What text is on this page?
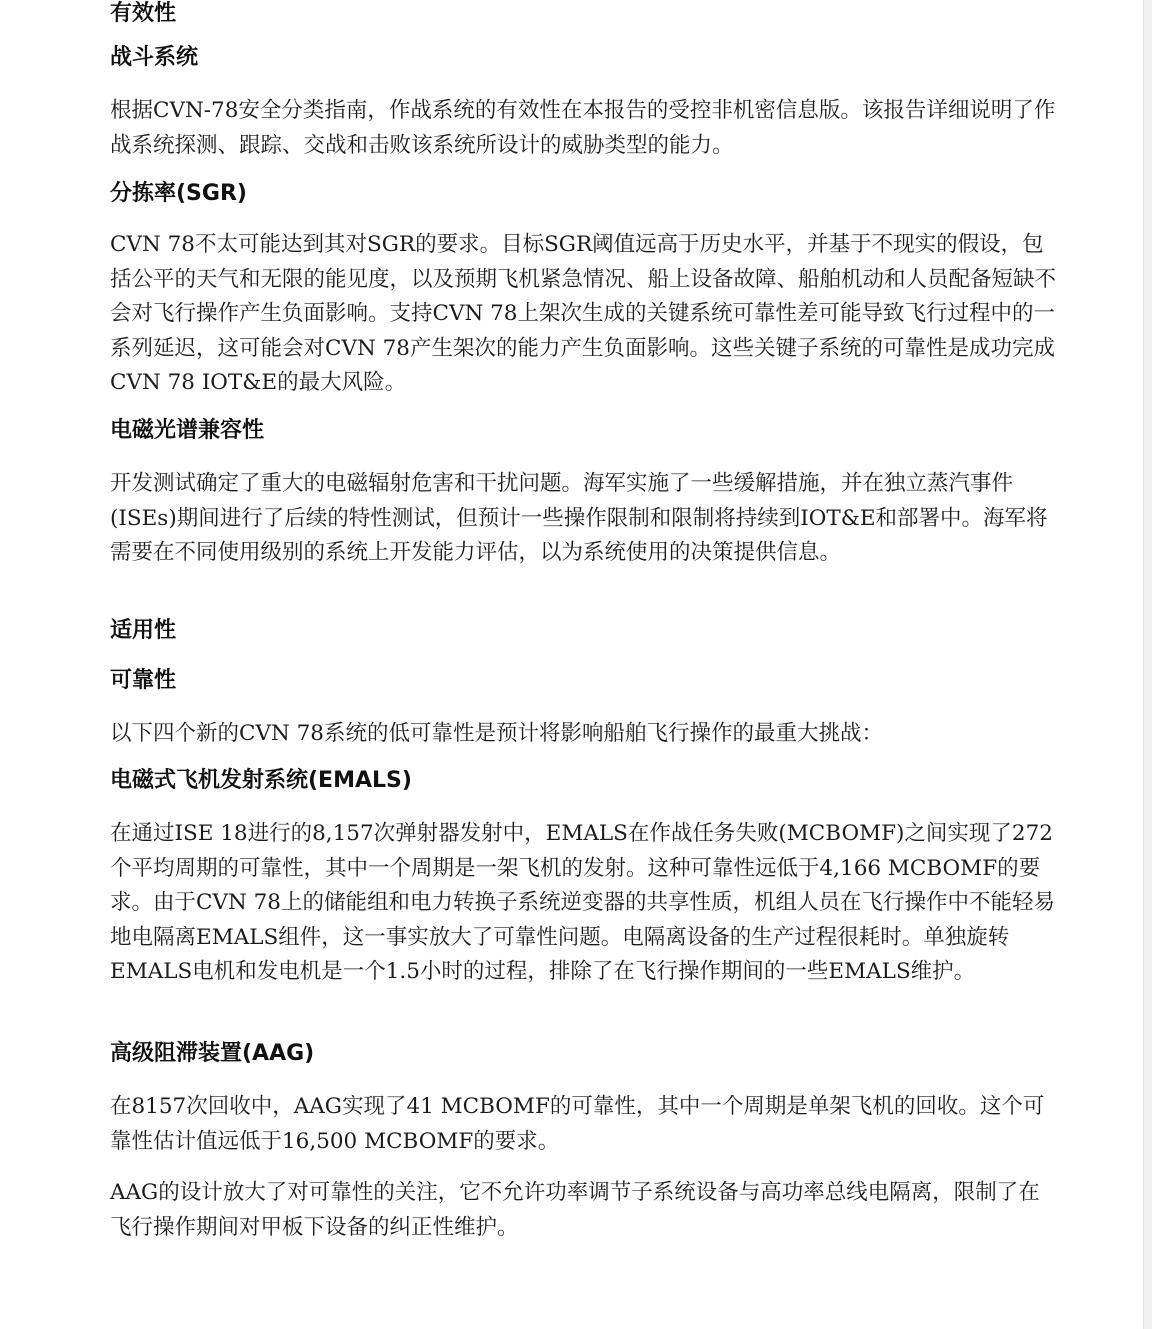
有效性
战斗系统
根据CVN-78安全分类指南，作战系统的有效性在本报告的受控非机密信息版。该报告详细说明了作战系统探测、跟踪、交战和击败该系统所设计的威胁类型的能力。
分拣率(SGR)
CVN 78不太可能达到其对SGR的要求。目标SGR阈值远高于历史水平，并基于不现实的假设，包括公平的天气和无限的能见度，以及预期飞机紧急情况、船上设备故障、船舶机动和人员配备短缺不会对飞行操作产生负面影响。支持CVN 78上架次生成的关键系统可靠性差可能导致飞行过程中的一系列延迟，这可能会对CVN 78产生架次的能力产生负面影响。这些关键子系统的可靠性是成功完成CVN 78 IOT&E的最大风险。
电磁光谱兼容性
开发测试确定了重大的电磁辐射危害和干扰问题。海军实施了一些缓解措施，并在独立蒸汽事件(ISEs)期间进行了后续的特性测试，但预计一些操作限制和限制将持续到IOT&E和部署中。海军将需要在不同使用级别的系统上开发能力评估，以为系统使用的决策提供信息。
适用性
可靠性
以下四个新的CVN 78系统的低可靠性是预计将影响船舶飞行操作的最重大挑战：
电磁式飞机发射系统(EMALS)
在通过ISE 18进行的8,157次弹射器发射中，EMALS在作战任务失败(MCBOMF)之间实现了272个平均周期的可靠性，其中一个周期是一架飞机的发射。这种可靠性远低于4,166 MCBOMF的要求。由于CVN 78上的储能组和电力转换子系统逆变器的共享性质，机组人员在飞行操作中不能轻易地电隔离EMALS组件，这一事实放大了可靠性问题。电隔离设备的生产过程很耗时。单独旋转EMALS电机和发电机是一个1.5小时的过程，排除了在飞行操作期间的一些EMALS维护。
高级阻滞装置(AAG)
在8157次回收中，AAG实现了41 MCBOMF的可靠性，其中一个周期是单架飞机的回收。这个可靠性估计值远低于16,500 MCBOMF的要求。
AAG的设计放大了对可靠性的关注，它不允许功率调节子系统设备与高功率总线电隔离，限制了在飞行操作期间对甲板下设备的纠正性维护。
